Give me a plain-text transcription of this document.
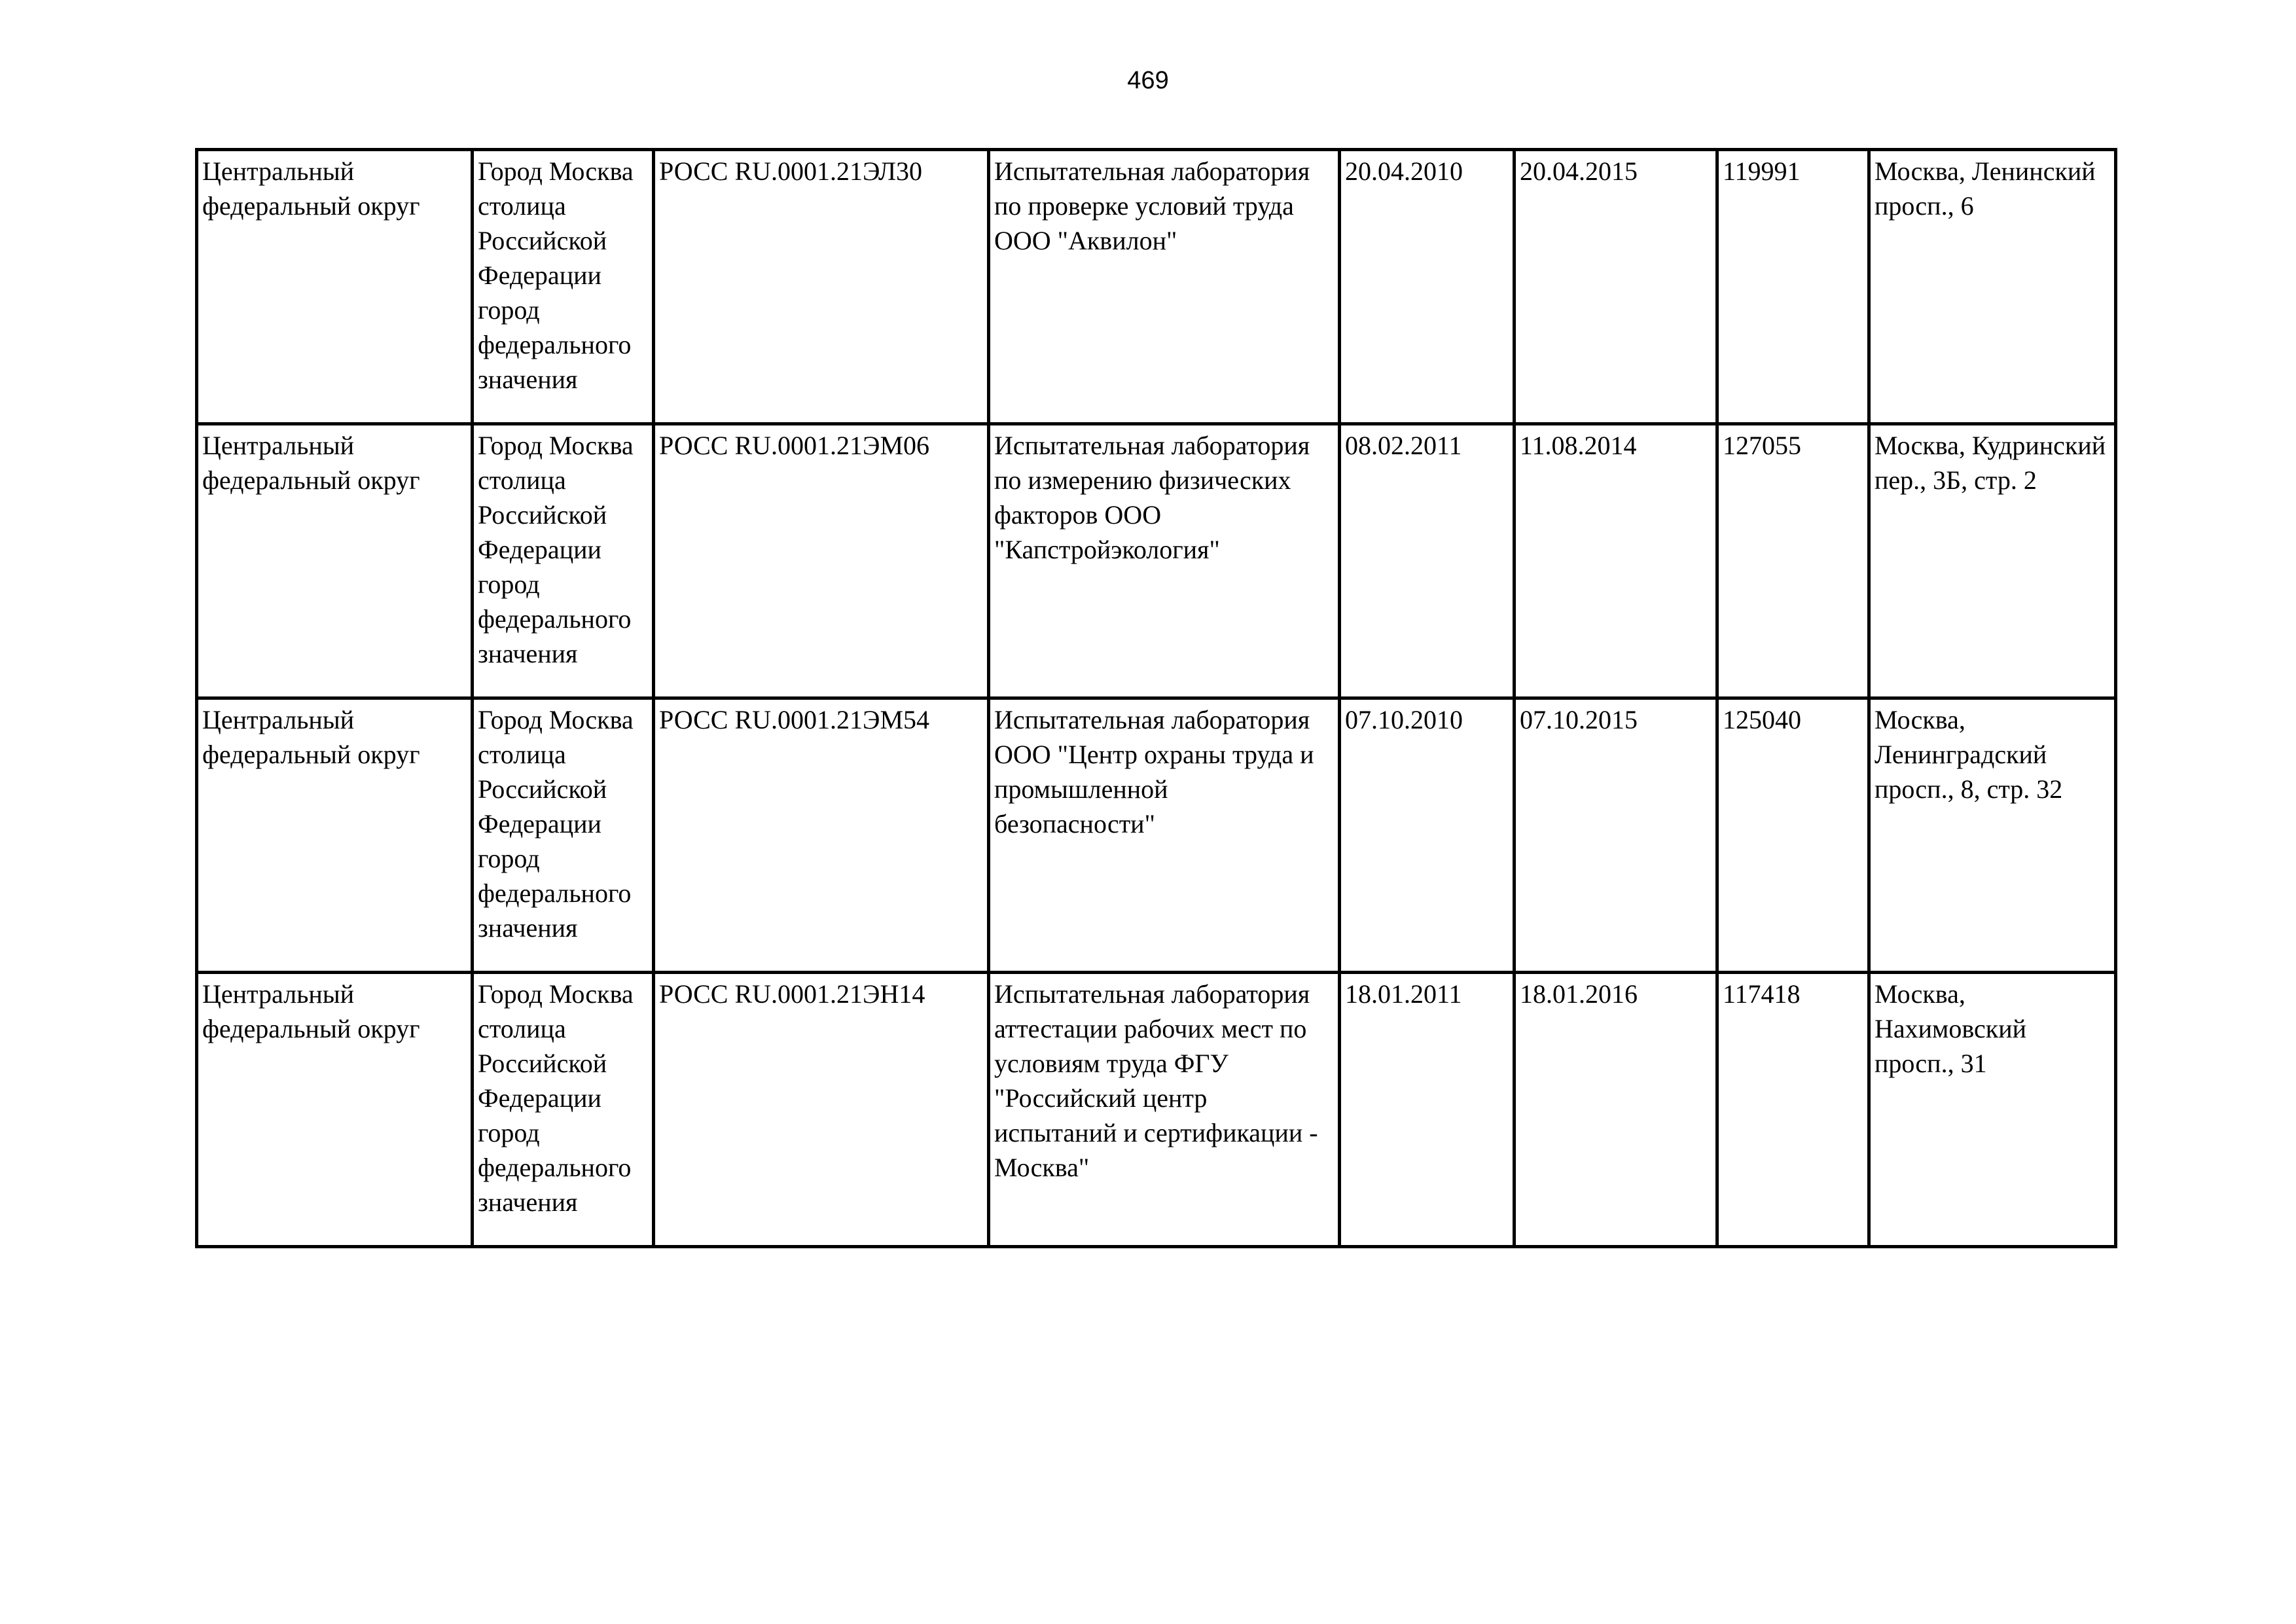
469
Центральный федеральный округ	Город Москва столица Российской Федерации город федерального значения	РОСС RU.0001.21ЭЛ30	Испытательная лаборатория по проверке условий труда ООО "Аквилон"	20.04.2010	20.04.2015	119991	Москва, Ленинский просп., 6

Центральный федеральный округ	Город Москва столица Российской Федерации город федерального значения	РОСС RU.0001.21ЭМ06	Испытательная лаборатория по измерению физических факторов ООО "Капстройэкология"	08.02.2011	11.08.2014	127055	Москва, Кудринский пер., 3Б, стр. 2

Центральный федеральный округ	Город Москва столица Российской Федерации город федерального значения	РОСС RU.0001.21ЭМ54	Испытательная лаборатория ООО "Центр охраны труда и промышленной безопасности"	07.10.2010	07.10.2015	125040	Москва, Ленинградский просп., 8, стр. 32

Центральный федеральный округ	Город Москва столица Российской Федерации город федерального значения	РОСС RU.0001.21ЭН14	Испытательная лаборатория аттестации рабочих мест по условиям труда ФГУ "Российский центр испытаний и сертификации - Москва"	18.01.2011	18.01.2016	117418	Москва, Нахимовский просп., 31
